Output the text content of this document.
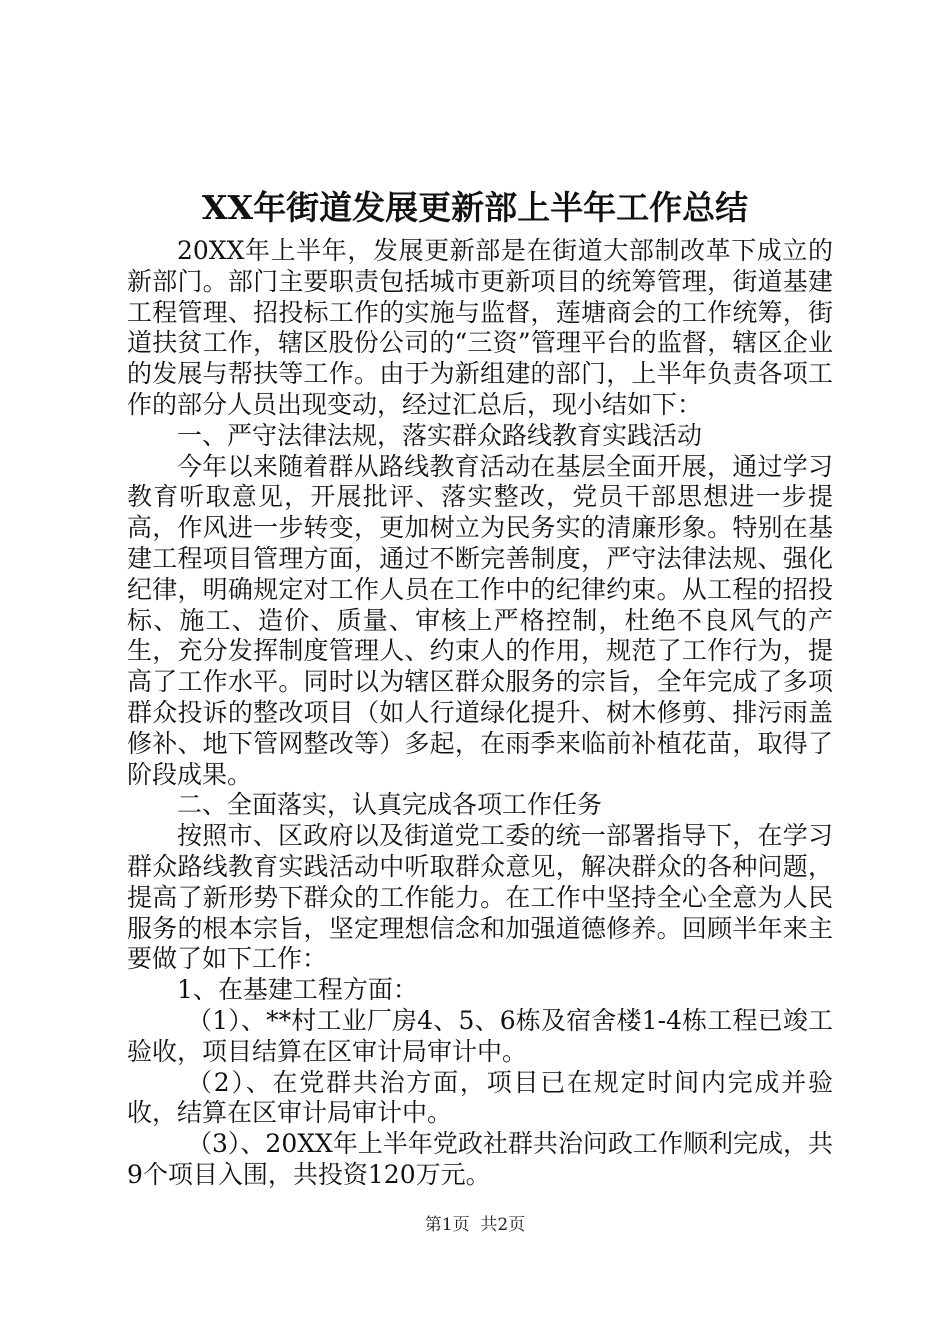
XX年街道发展更新部上半年工作总结

20XX年上半年，发展更新部是在街道大部制改革下成立的新部门。部门主要职责包括城市更新项目的统筹管理，街道基建工程管理、招投标工作的实施与监督，莲塘商会的工作统筹，街道扶贫工作，辖区股份公司的“三资”管理平台的监督，辖区企业的发展与帮扶等工作。由于为新组建的部门，上半年负责各项工作的部分人员出现变动，经过汇总后，现小结如下：

一、严守法律法规，落实群众路线教育实践活动

今年以来随着群从路线教育活动在基层全面开展，通过学习教育听取意见，开展批评、落实整改，党员干部思想进一步提高，作风进一步转变，更加树立为民务实的清廉形象。特别在基建工程项目管理方面，通过不断完善制度，严守法律法规、强化纪律，明确规定对工作人员在工作中的纪律约束。从工程的招投标、施工、造价、质量、审核上严格控制，杜绝不良风气的产生，充分发挥制度管理人、约束人的作用，规范了工作行为，提高了工作水平。同时以为辖区群众服务的宗旨，全年完成了多项群众投诉的整改项目（如人行道绿化提升、树木修剪、排污雨盖修补、地下管网整改等）多起，在雨季来临前补植花苗，取得了阶段成果。

二、全面落实，认真完成各项工作任务

按照市、区政府以及街道党工委的统一部署指导下，在学习群众路线教育实践活动中听取群众意见，解决群众的各种问题，提高了新形势下群众的工作能力。在工作中坚持全心全意为人民服务的根本宗旨，坚定理想信念和加强道德修养。回顾半年来主要做了如下工作：

1、在基建工程方面：

（1）、**村工业厂房4、5、6栋及宿舍楼1-4栋工程已竣工验收，项目结算在区审计局审计中。

（2）、在党群共治方面，项目已在规定时间内完成并验收，结算在区审计局审计中。

（3）、20XX年上半年党政社群共治问政工作顺利完成，共9个项目入围，共投资120万元。

第1页 共2页
